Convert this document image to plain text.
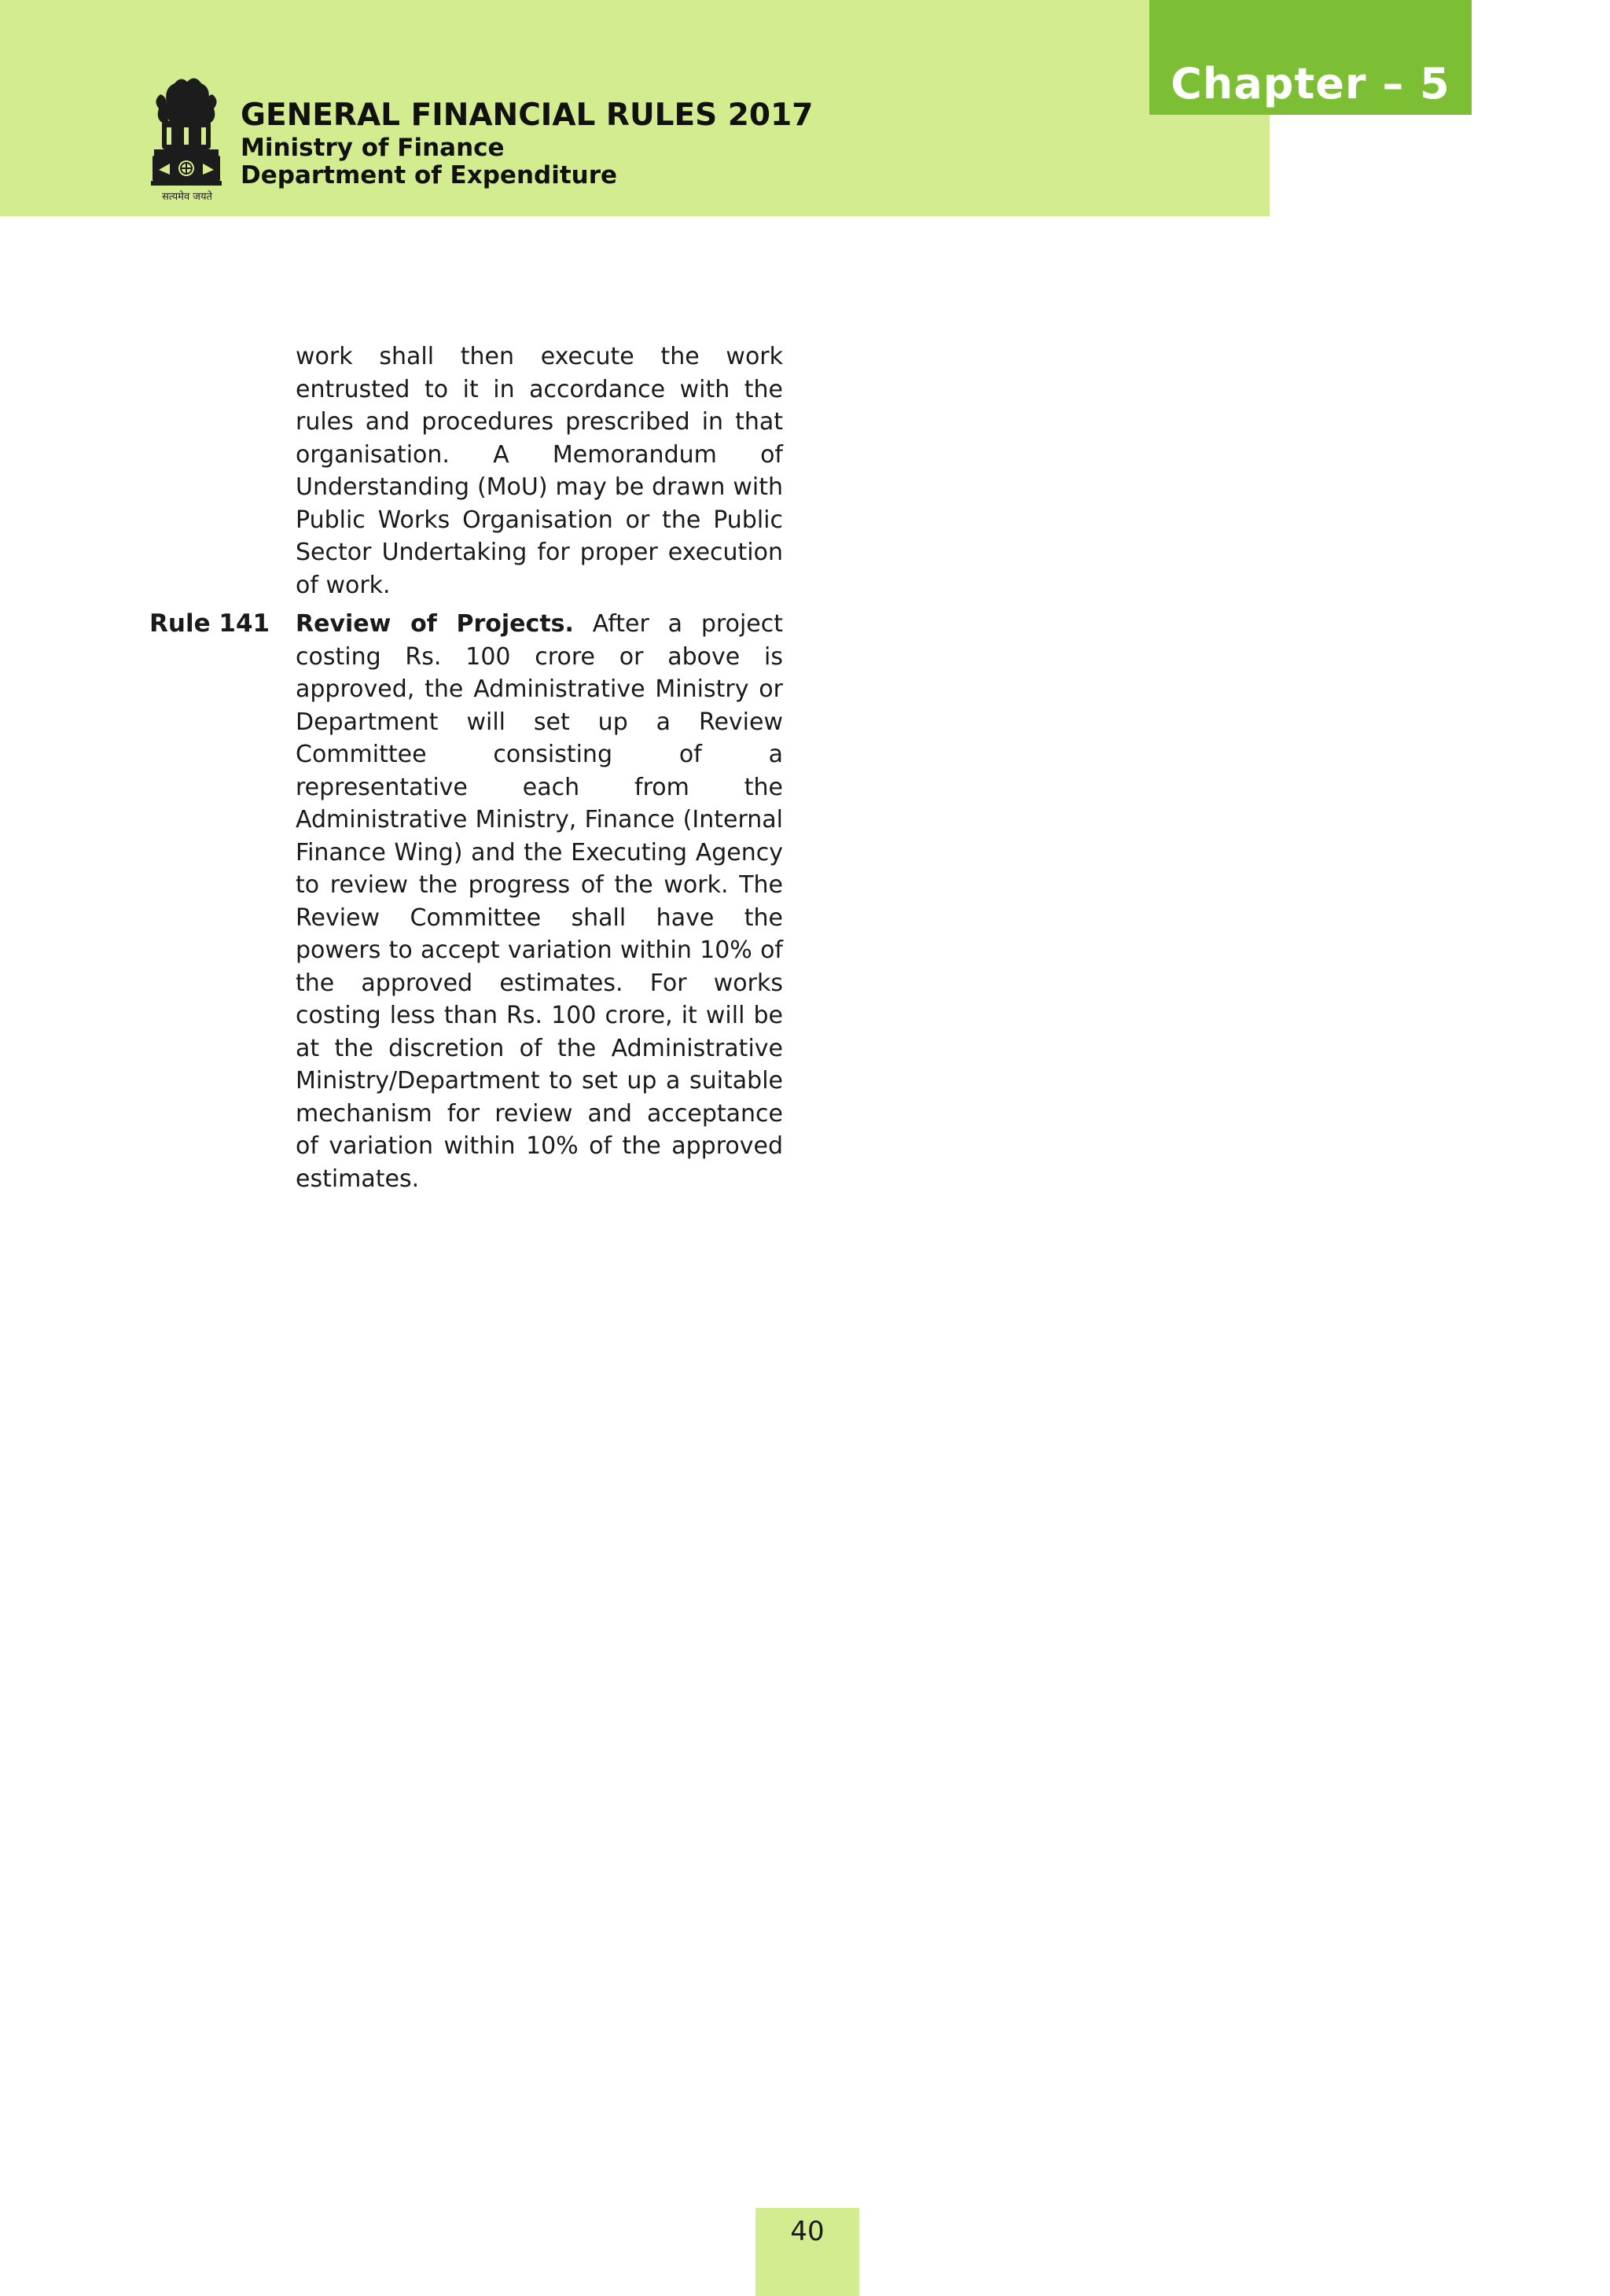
Chapter – 5
सत्यमेव जयते
GENERAL FINANCIAL RULES 2017
Ministry of Finance
Department of Expenditure

work shall then execute the work entrusted to it in accordance with the rules and procedures prescribed in that organisation. A Memorandum of Understanding (MoU) may be drawn with Public Works Organisation or the Public Sector Undertaking for proper execution of work.

Rule 141 Review of Projects. After a project costing Rs. 100 crore or above is approved, the Administrative Ministry or Department will set up a Review Committee consisting of a representative each from the Administrative Ministry, Finance (Internal Finance Wing) and the Executing Agency to review the progress of the work. The Review Committee shall have the powers to accept variation within 10% of the approved estimates. For works costing less than Rs. 100 crore, it will be at the discretion of the Administrative Ministry/Department to set up a suitable mechanism for review and acceptance of variation within 10% of the approved estimates.

40
